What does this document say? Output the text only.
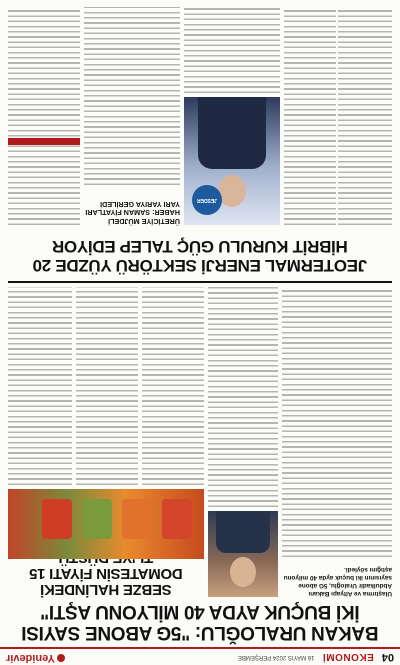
04
EKONOMİ
16 MAYIS 2024 PERŞEMBE
Yenidevir
BAKAN URALOĞLU: "5G ABONE SAYISI İKİ BUÇUK AYDA 40 MİLYONU AŞTI"
Ulaştırma ve Altyapı Bakanı Abdulkadir Uraloğlu, 5G abone sayısının iki buçuk ayda 40 milyonu aştığını söyledi.
SEBZE HALİNDEKİ DOMATESİN FİYATI 15
JEOTERMAL ENERJİ SEKTÖRÜ YÜZDE 20 HİBRİT KURULU GÜÇ TALEP EDİYOR
JESDER
ÜRETİCİYE MÜJDELİ HABER: SAMAN FİYATLARI YARI YARIYA GERİLEDİ
